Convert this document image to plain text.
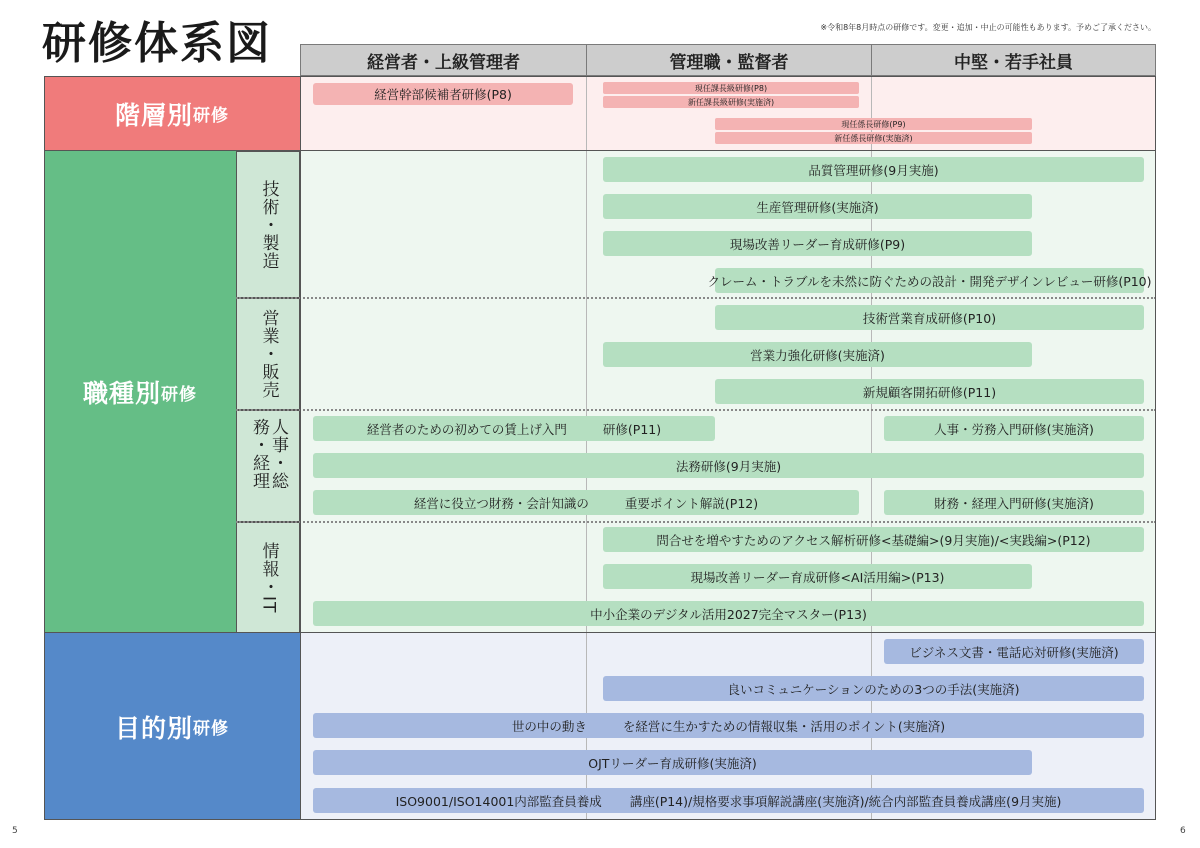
研修体系図	※令和8年8月時点の研修です。変更・追加・中止の可能性もあります。予めご了承ください。
5	6
経営者・上級管理者	管理職・監督者	中堅・若手社員
階層別 研修
職種別 研修
目的別 研修
技術・製造
営業・販売
人事・総務・経理
情報・IT
経営幹部候補者研修(P8)	現任課長級研修(P8)
新任課長級研修(実施済)
現任係長研修(P9)
新任係長研修(実施済)
品質管理研修(9月実施)
生産管理研修(実施済)
現場改善リーダー育成研修(P9)
クレーム・トラブルを未然に防ぐための設計・開発デザインレビュー研修(P10)
技術営業育成研修(P10)
営業力強化研修(実施済)
新規顧客開拓研修(P11)
経営者のための初めての賃上げ入門	研修(P11)	人事・労務入門研修(実施済)
法務研修(9月実施)
経営に役立つ財務・会計知識の	重要ポイント解説(P12)	財務・経理入門研修(実施済)
問合せを増やすためのアクセス解析研修<基礎編>(9月実施)/<実践編>(P12)
現場改善リーダー育成研修<AI活用編>(P13)
中小企業のデジタル活用2027完全マスター(P13)
ビジネス文書・電話応対研修(実施済)
良いコミュニケーションのための3つの手法(実施済)
世の中の動き	を経営に生かすための情報収集・活用のポイント(実施済)
OJTリーダー育成研修(実施済)
ISO9001/ISO14001内部監査員養成 講座(P14)/規格要求事項解説講座(実施済)/統合内部監査員養成講座(9月実施)
